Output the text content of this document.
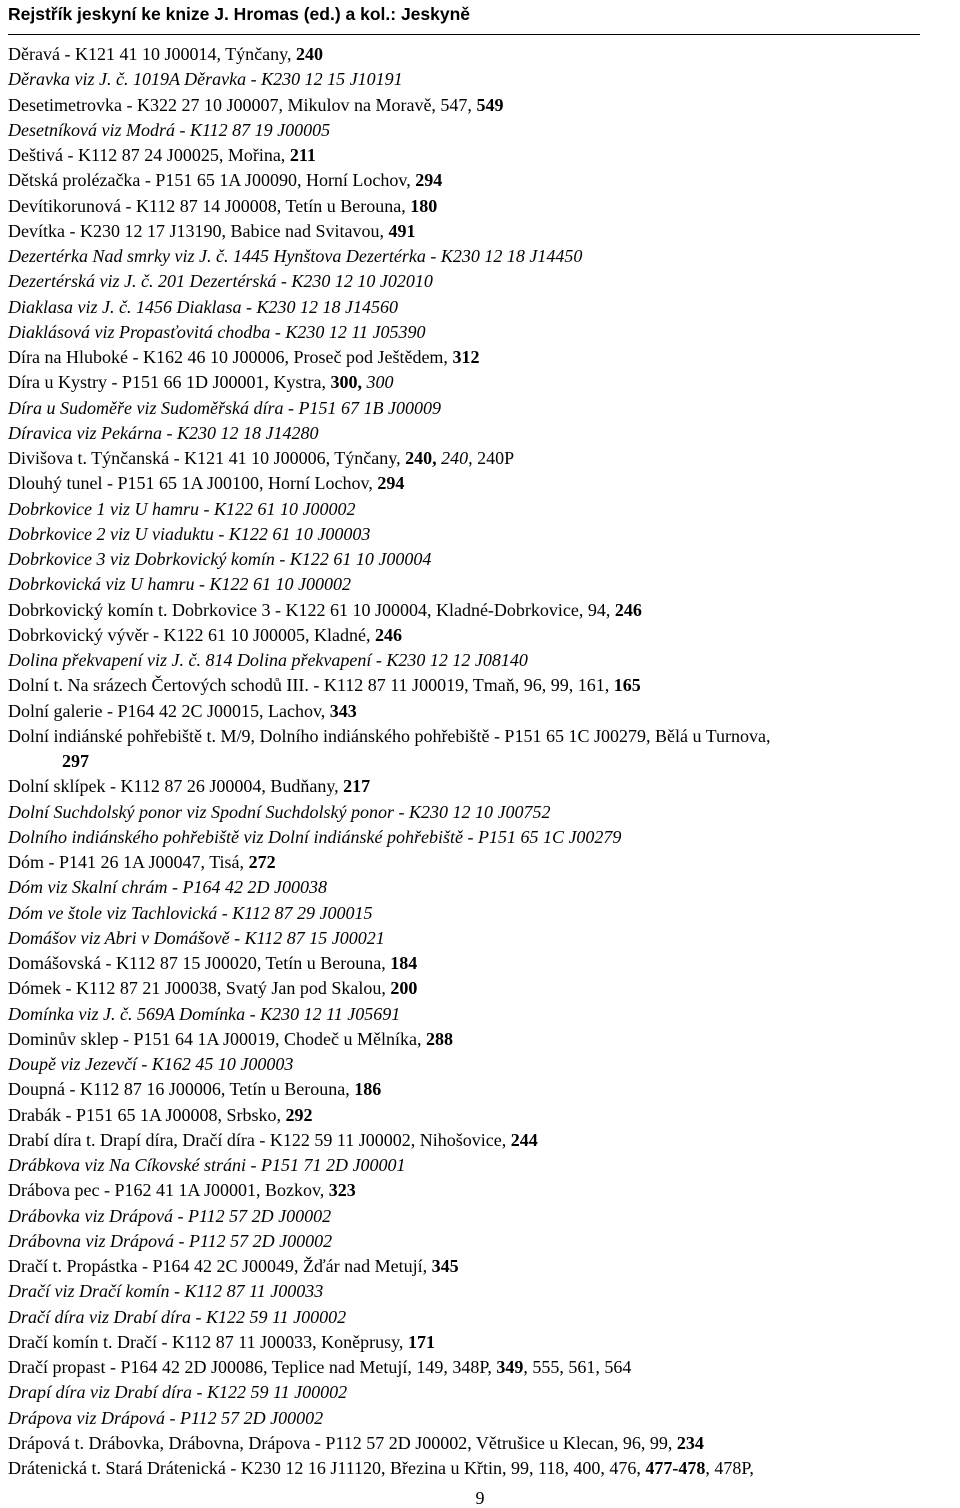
Rejstřík jeskyní ke knize J. Hromas (ed.) a kol.: Jeskyně
Děravá - K121 41 10 J00014, Týnčany, 240
Děravka viz J. č. 1019A Děravka - K230 12 15 J10191
Desetimetrovka - K322 27 10 J00007, Mikulov na Moravě, 547, 549
Desetníková viz Modrá - K112 87 19 J00005
Deštivá - K112 87 24 J00025, Mořina, 211
Dětská prolézačka - P151 65 1A J00090, Horní Lochov, 294
Devítikorunová - K112 87 14 J00008, Tetín u Berouna, 180
Devítka - K230 12 17 J13190, Babice nad Svitavou, 491
Dezertérka Nad smrky viz J. č. 1445 Hynštova Dezertérka - K230 12 18 J14450
Dezertérská viz J. č. 201 Dezertérská - K230 12 10 J02010
Diaklasa viz J. č. 1456 Diaklasa - K230 12 18 J14560
Diaklásová viz Propasťovitá chodba - K230 12 11 J05390
Díra na Hluboké - K162 46 10 J00006, Proseč pod Ještědem, 312
Díra u Kystry - P151 66 1D J00001, Kystra, 300, 300
Díra u Sudoměře viz Sudoměřská díra - P151 67 1B J00009
Díravica viz Pekárna - K230 12 18 J14280
Divišova t. Týnčanská - K121 41 10 J00006, Týnčany, 240, 240, 240P
Dlouhý tunel - P151 65 1A J00100, Horní Lochov, 294
Dobrkovice 1 viz U hamru - K122 61 10 J00002
Dobrkovice 2 viz U viaduktu - K122 61 10 J00003
Dobrkovice 3 viz Dobrkovický komín - K122 61 10 J00004
Dobrkovická viz U hamru - K122 61 10 J00002
Dobrkovický komín t. Dobrkovice 3 - K122 61 10 J00004, Kladné-Dobrkovice, 94, 246
Dobrkovický vývěr - K122 61 10 J00005, Kladné, 246
Dolina překvapení viz J. č. 814 Dolina překvapení - K230 12 12 J08140
Dolní t. Na srázech Čertových schodů III. - K112 87 11 J00019, Tmaň, 96, 99, 161, 165
Dolní galerie - P164 42 2C J00015, Lachov, 343
Dolní indiánské pohřebiště t. M/9, Dolního indiánského pohřebiště - P151 65 1C J00279, Bělá u Turnova,
297
Dolní sklípek - K112 87 26 J00004, Budňany, 217
Dolní Suchdolský ponor viz Spodní Suchdolský ponor - K230 12 10 J00752
Dolního indiánského pohřebiště viz Dolní indiánské pohřebiště - P151 65 1C J00279
Dóm - P141 26 1A J00047, Tisá, 272
Dóm viz Skalní chrám - P164 42 2D J00038
Dóm ve štole viz Tachlovická - K112 87 29 J00015
Domášov viz Abri v Domášově - K112 87 15 J00021
Domášovská - K112 87 15 J00020, Tetín u Berouna, 184
Dómek - K112 87 21 J00038, Svatý Jan pod Skalou, 200
Domínka viz J. č. 569A Domínka - K230 12 11 J05691
Dominův sklep - P151 64 1A J00019, Chodeč u Mělníka, 288
Doupě viz Jezevčí - K162 45 10 J00003
Doupná - K112 87 16 J00006, Tetín u Berouna, 186
Drabák - P151 65 1A J00008, Srbsko, 292
Drabí díra t. Drapí díra, Dračí díra - K122 59 11 J00002, Nihošovice, 244
Drábkova viz Na Cíkovské stráni - P151 71 2D J00001
Drábova pec - P162 41 1A J00001, Bozkov, 323
Drábovka viz Drápová - P112 57 2D J00002
Drábovna viz Drápová - P112 57 2D J00002
Dračí t. Propástka - P164 42 2C J00049, Žďár nad Metují, 345
Dračí viz Dračí komín - K112 87 11 J00033
Dračí díra viz Drabí díra - K122 59 11 J00002
Dračí komín t. Dračí - K112 87 11 J00033, Koněprusy, 171
Dračí propast - P164 42 2D J00086, Teplice nad Metují, 149, 348P, 349, 555, 561, 564
Drapí díra viz Drabí díra - K122 59 11 J00002
Drápova viz Drápová - P112 57 2D J00002
Drápová t. Drábovka, Drábovna, Drápova - P112 57 2D J00002, Větrušice u Klecan, 96, 99, 234
Drátenická t. Stará Drátenická - K230 12 16 J11120, Březina u Křtin, 99, 118, 400, 476, 477-478, 478P,
9
